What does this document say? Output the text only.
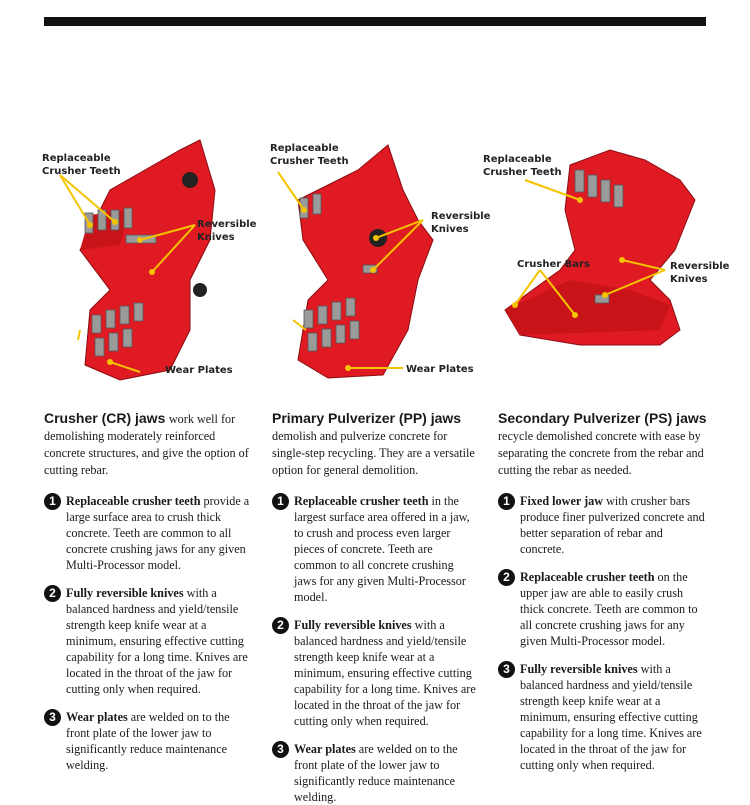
Replaceable
Crusher Teeth
Reversible
Knives
Wear Plates
Replaceable
Crusher Teeth
Reversible
Knives
Wear Plates
Replaceable
Crusher Teeth
Crusher Bars	Reversible
Knives
Crusher (CR) jaws work well for demolishing moderately reinforced concrete structures, and give the option of cutting rebar.
1 Replaceable crusher teeth provide a large surface area to crush thick concrete. Teeth are common to all concrete crushing jaws for any given Multi-Processor model.
2 Fully reversible knives with a balanced hardness and yield/tensile strength keep knife wear at a minimum, ensuring effective cutting capability for a long time. Knives are located in the throat of the jaw for cutting only when required.
3 Wear plates are welded on to the front plate of the lower jaw to significantly reduce maintenance welding.
Primary Pulverizer (PP) jaws
demolish and pulverize concrete for single-step recycling. They are a versatile option for general demolition.
1 Replaceable crusher teeth in the largest surface area offered in a jaw, to crush and process even larger pieces of concrete. Teeth are common to all concrete crushing jaws for any given Multi-Processor model.
2 Fully reversible knives with a balanced hardness and yield/tensile strength keep knife wear at a minimum, ensuring effective cutting capability for a long time. Knives are located in the throat of the jaw for cutting only when required.
3 Wear plates are welded on to the front plate of the lower jaw to significantly reduce maintenance welding.
Secondary Pulverizer (PS) jaws
recycle demolished concrete with ease by separating the concrete from the rebar and cutting the rebar as needed.
1 Fixed lower jaw with crusher bars produce finer pulverized concrete and better separation of rebar and concrete.
2 Replaceable crusher teeth on the upper jaw are able to easily crush thick concrete. Teeth are common to all concrete crushing jaws for any given Multi-Processor model.
3 Fully reversible knives with a balanced hardness and yield/tensile strength keep knife wear at a minimum, ensuring effective cutting capability for a long time. Knives are located in the throat of the jaw for cutting only when required.
